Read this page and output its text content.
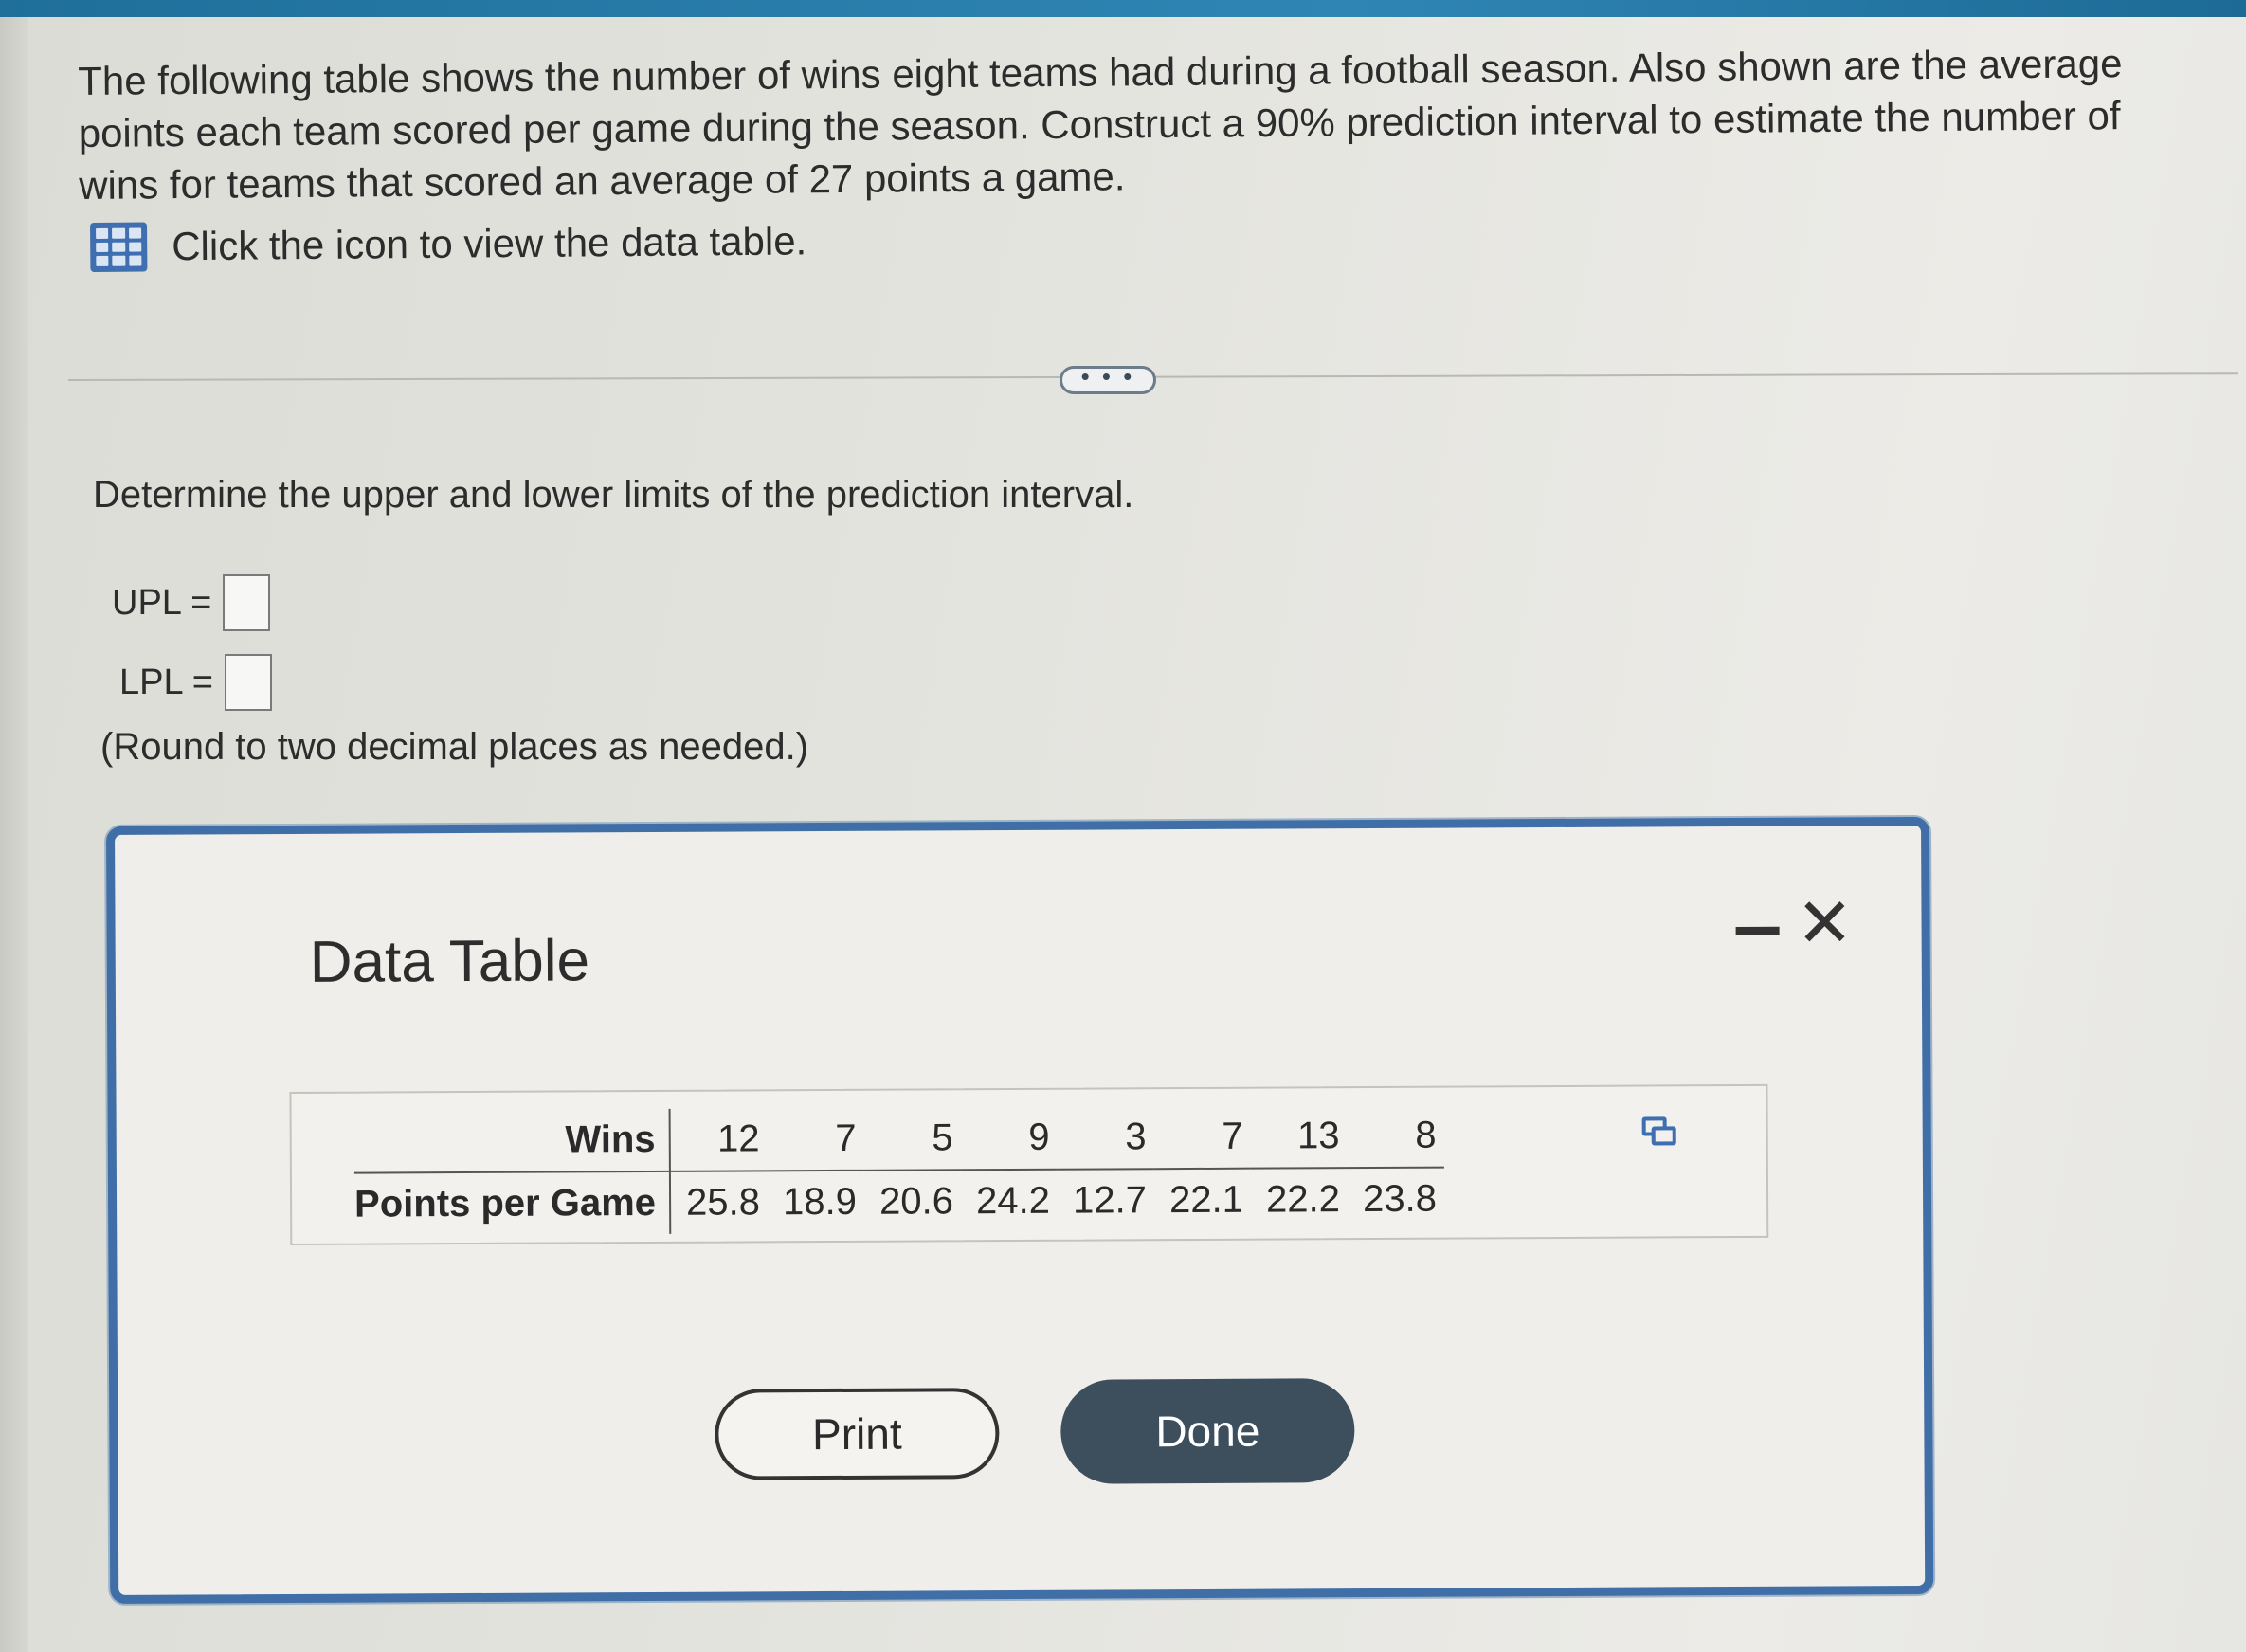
The following table shows the number of wins eight teams had during a football season. Also shown are the average points each team scored per game during the season. Construct a 90% prediction interval to estimate the number of wins for teams that scored an average of 27 points a game.
Click the icon to view the data table.
• • •
Determine the upper and lower limits of the prediction interval.
UPL =
LPL =
(Round to two decimal places as needed.)
Data Table	✕
Wins	12	7	5	9	3	7	13	8
Points per Game	25.8	18.9	20.6	24.2	12.7	22.1	22.2	23.8
Print	Done
